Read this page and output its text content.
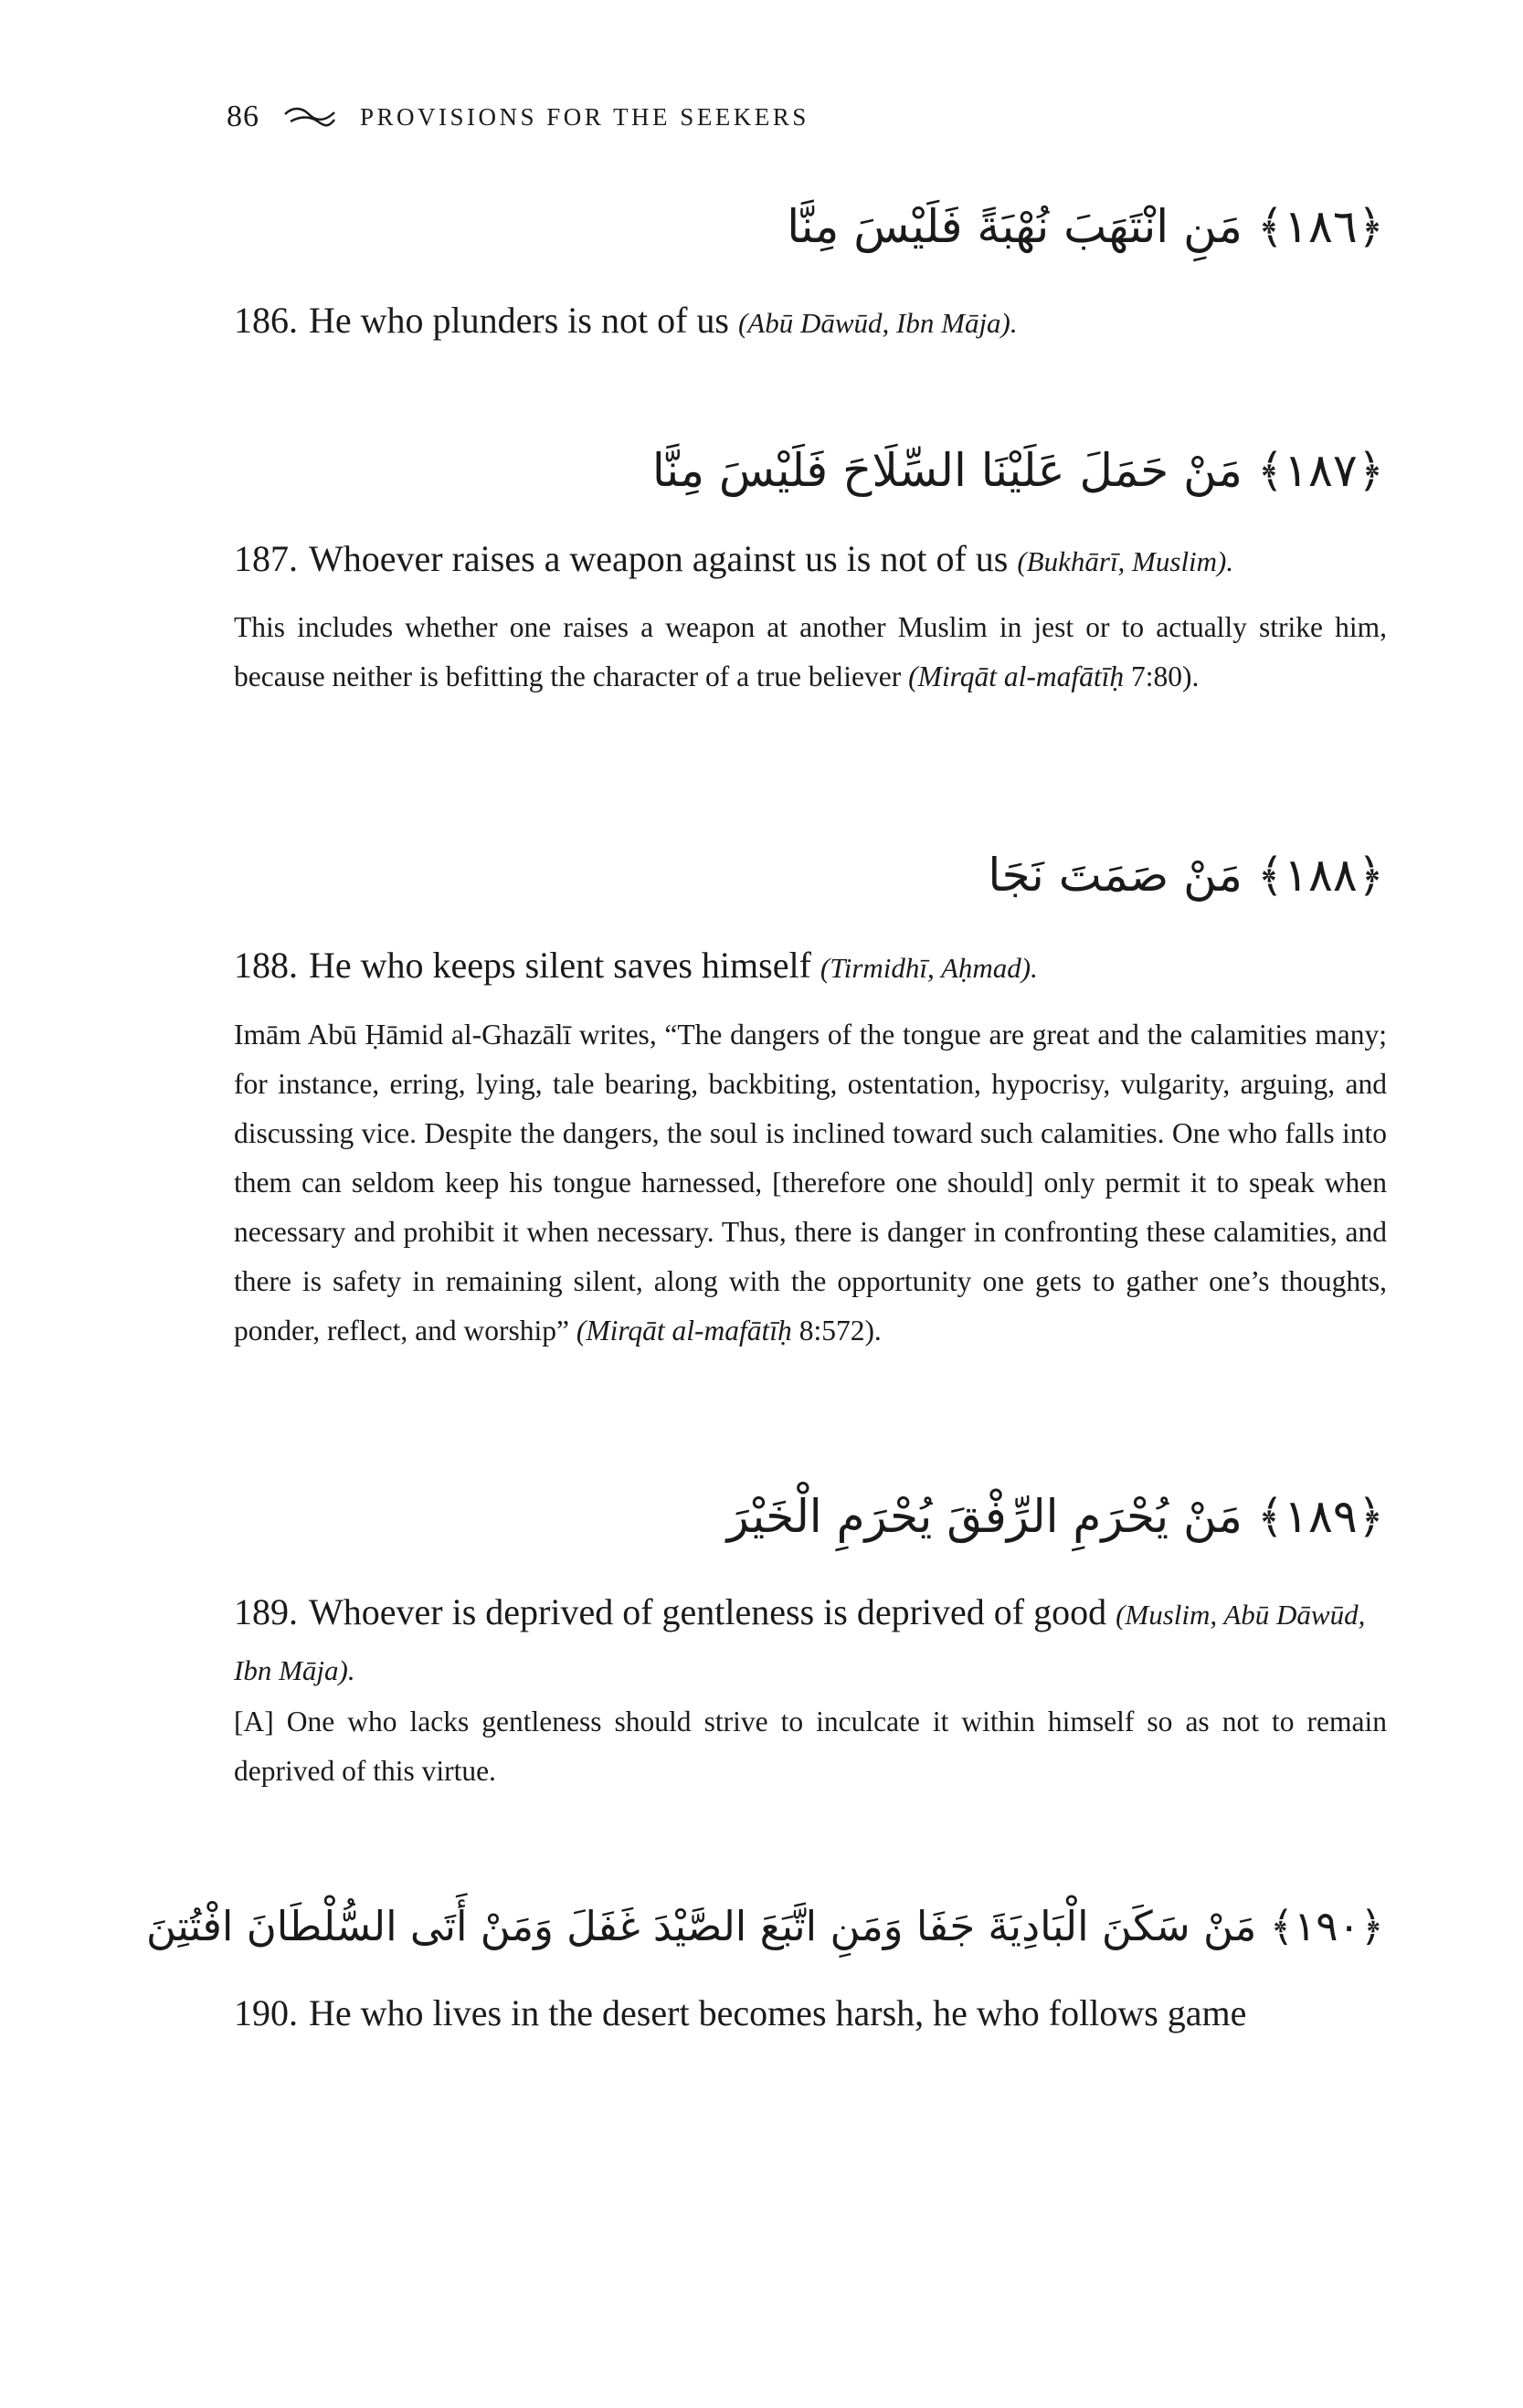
86	PROVISIONS FOR THE SEEKERS
﴿١٨٦﴾ مَنِ انْتَهَبَ نُهْبَةً فَلَيْسَ مِنَّا
186. He who plunders is not of us (Abū Dāwūd, Ibn Māja).
﴿١٨٧﴾ مَنْ حَمَلَ عَلَيْنَا السِّلَاحَ فَلَيْسَ مِنَّا
187. Whoever raises a weapon against us is not of us (Bukhārī, Muslim).
This includes whether one raises a weapon at another Muslim in jest or to actually strike him, because neither is befitting the character of a true believer (Mirqāt al-mafātīḥ 7:80).
﴿١٨٨﴾ مَنْ صَمَتَ نَجَا
188. He who keeps silent saves himself (Tirmidhī, Aḥmad).
Imām Abū Ḥāmid al-Ghazālī writes, “The dangers of the tongue are great and the calamities many; for instance, erring, lying, tale bearing, backbiting, ostentation, hypocrisy, vulgarity, arguing, and discussing vice. Despite the dangers, the soul is inclined toward such calamities. One who falls into them can seldom keep his tongue harnessed, [therefore one should] only permit it to speak when necessary and prohibit it when necessary. Thus, there is danger in confronting these calamities, and there is safety in remaining silent, along with the opportunity one gets to gather one’s thoughts, ponder, reflect, and worship” (Mirqāt al-mafātīḥ 8:572).
﴿١٨٩﴾ مَنْ يُحْرَمِ الرِّفْقَ يُحْرَمِ الْخَيْرَ
189. Whoever is deprived of gentleness is deprived of good (Muslim, Abū Dāwūd, Ibn Māja).
[A] One who lacks gentleness should strive to inculcate it within himself so as not to remain deprived of this virtue.
﴿١٩٠﴾ مَنْ سَكَنَ الْبَادِيَةَ جَفَا وَمَنِ اتَّبَعَ الصَّيْدَ غَفَلَ وَمَنْ أَتَى السُّلْطَانَ افْتُتِنَ
190. He who lives in the desert becomes harsh, he who follows game
